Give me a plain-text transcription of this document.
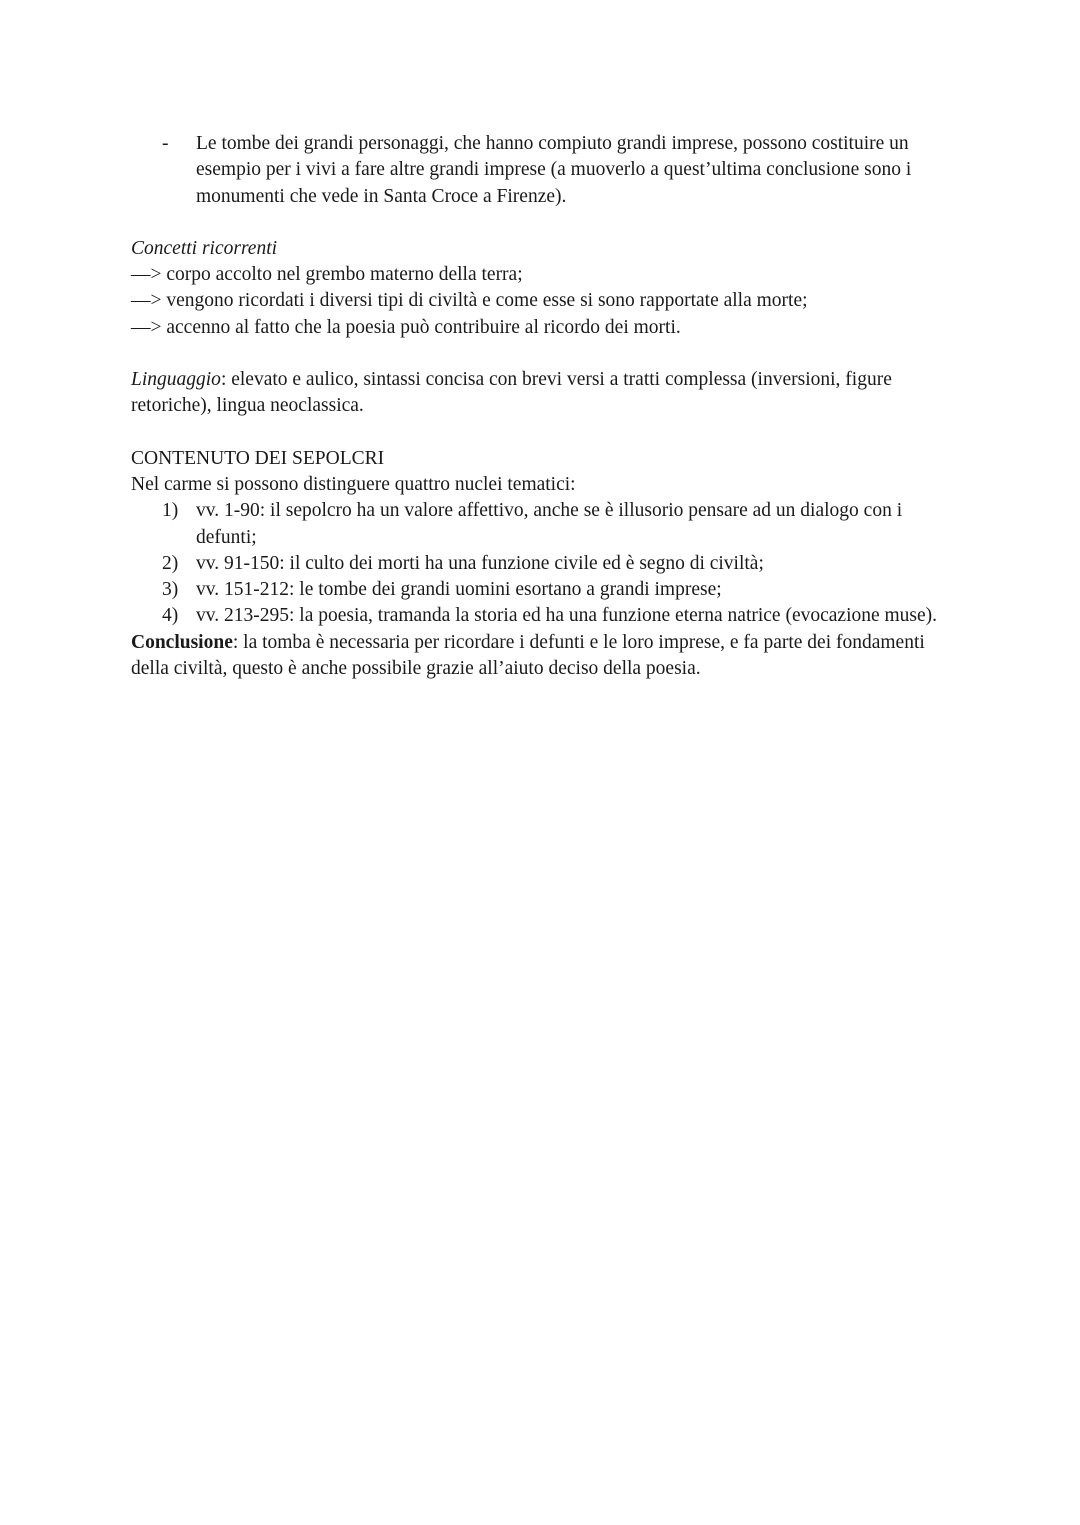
- Le tombe dei grandi personaggi, che hanno compiuto grandi imprese, possono costituire un esempio per i vivi a fare altre grandi imprese (a muoverlo a quest’ultima conclusione sono i monumenti che vede in Santa Croce a Firenze).

Concetti ricorrenti
—> corpo accolto nel grembo materno della terra;
—> vengono ricordati i diversi tipi di civiltà e come esse si sono rapportate alla morte;
—> accenno al fatto che la poesia può contribuire al ricordo dei morti.

Linguaggio: elevato e aulico, sintassi concisa con brevi versi a tratti complessa (inversioni, figure retoriche), lingua neoclassica.

CONTENUTO DEI SEPOLCRI
Nel carme si possono distinguere quattro nuclei tematici:
1) vv. 1-90: il sepolcro ha un valore affettivo, anche se è illusorio pensare ad un dialogo con i defunti;
2) vv. 91-150: il culto dei morti ha una funzione civile ed è segno di civiltà;
3) vv. 151-212: le tombe dei grandi uomini esortano a grandi imprese;
4) vv. 213-295: la poesia, tramanda la storia ed ha una funzione eterna natrice (evocazione muse).

Conclusione: la tomba è necessaria per ricordare i defunti e le loro imprese, e fa parte dei fondamenti della civiltà, questo è anche possibile grazie all’aiuto deciso della poesia.
